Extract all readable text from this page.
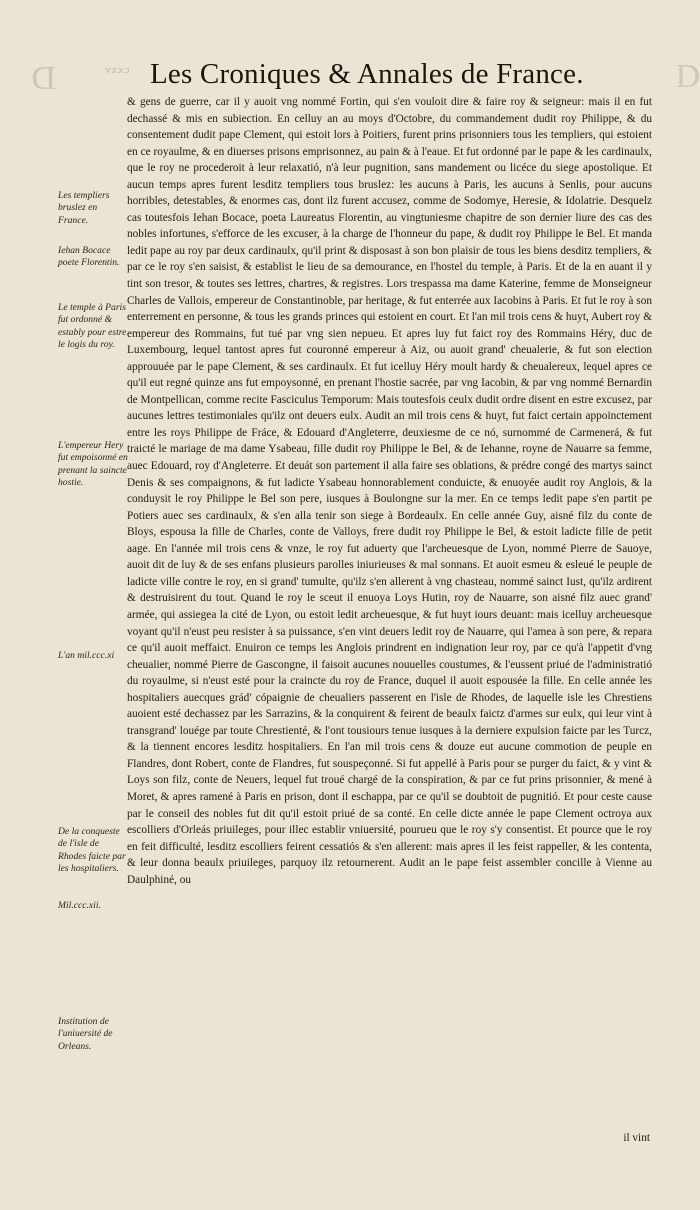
D	cxxv	D
Les Croniques & Annales de France.
Les templiers bruslez en France.
Iehan Bocace poete Florentin.
Le temple à Paris fut ordonné & estably pour estre le logis du roy.
L'empereur Hery fut empoisonné en prenant la saincte hostie.
L'an mil.ccc.xi
De la conqueste de l'isle de Rhodes faicte par les hospitaliers.
Mil.ccc.xii.
Institution de l'uniuersité de Orleans.

& gens de guerre, car il y auoit vng nommé Fortin, qui s'en vouloit dire & faire roy & seigneur: mais il en fut dechassé & mis en subiection. En celluy an au moys d'Octobre, du commandement dudit roy Philippe, & du consentement dudit pape Clement, qui estoit lors à Poitiers, furent prins prisonniers tous les templiers, qui estoient en ce royaulme, & en diuerses prisons emprisonnez, au pain & à l'eaue. Et fut ordonné par le pape & les cardinaulx, que le roy ne procederoit à leur relaxatió, n'à leur pugnition, sans mandement ou licéce du siege apostolique. Et aucun temps apres furent lesditz templiers tous bruslez: les aucuns à Paris, les aucuns à Senlis, pour aucuns horribles, detestables, & enormes cas, dont ilz furent accusez, comme de Sodomye, Heresie, & Idolatrie. Desquelz cas toutesfois Iehan Bocace, poeta Laureatus Florentin, au vingtuniesme chapitre de son dernier liure des cas des nobles infortunes, s'efforce de les excuser, à la charge de l'honneur du pape, & dudit roy Philippe le Bel. Et manda ledit pape au roy par deux cardinaulx, qu'il print & disposast à son bon plaisir de tous les biens desditz templiers, & par ce le roy s'en saisist, & establist le lieu de sa demourance, en l'hostel du temple, à Paris. Et de la en auant il y tint son tresor, & toutes ses lettres, chartres, & registres. Lors trespassa ma dame Katerine, femme de Monseigneur Charles de Vallois, empereur de Constantinoble, par heritage, & fut enterrée aux Iacobins à Paris. Et fut le roy à son enterrement en personne, & tous les grands princes qui estoient en court. Et l'an mil trois cens & huyt, Aubert roy & empereur des Rommains, fut tué par vng sien nepueu. Et apres luy fut faict roy des Rommains Héry, duc de Luxembourg, lequel tantost apres fut couronné empereur à Aiz, ou auoit grand' cheualerie, & fut son election approuuée par le pape Clement, & ses cardinaulx. Et fut icelluy Héry moult hardy & cheualereux, lequel apres ce qu'il eut regné quinze ans fut empoysonné, en prenant l'hostie sacrée, par vng Iacobin, & par vng nommé Bernardin de Montpellican, comme recite Fasciculus Temporum: Mais toutesfois ceulx dudit ordre disent en estre excusez, par aucunes lettres testimoniales qu'ilz ont deuers eulx. Audit an mil trois cens & huyt, fut faict certain appoinctement entre les roys Philippe de Fráce, & Edouard d'Angleterre, deuxiesme de ce nó, surnommé de Carmenerá, & fut traicté le mariage de ma dame Ysabeau, fille dudit roy Philippe le Bel, & de Iehanne, royne de Nauarre sa femme, auec Edouard, roy d'Angleterre. Et deuát son partement il alla faire ses oblations, & prédre congé des martys sainct Denis & ses compaignons, & fut ladicte Ysabeau honnorablement conduicte, & enuoyée audit roy Anglois, & la conduysit le roy Philippe le Bel son pere, iusques à Boulongne sur la mer. En ce temps ledit pape s'en partit pe Potiers auec ses cardinaulx, & s'en alla tenir son siege à Bordeaulx. En celle année Guy, aisné filz du conte de Bloys, espousa la fille de Charles, conte de Valloys, frere dudit roy Philippe le Bel, & estoit ladicte fille de petit aage. En l'année mil trois cens & vnze, le roy fut aduerty que l'archeuesque de Lyon, nommé Pierre de Sauoye, auoit dit de luy & de ses enfans plusieurs parolles iniurieuses & mal sonnans. Et auoit esmeu & esleué le peuple de ladicte ville contre le roy, en si grand' tumulte, qu'ilz s'en allerent à vng chasteau, nommé sainct Iust, qu'ilz ardirent & destruisirent du tout. Quand le roy le sceut il enuoya Loys Hutin, roy de Nauarre, son aisné filz auec grand' armée, qui assiegea la cité de Lyon, ou estoit ledit archeuesque, & fut huyt iours deuant: mais icelluy archeuesque voyant qu'il n'eust peu resister à sa puissance, s'en vint deuers ledit roy de Nauarre, qui l'amea à son pere, & repara ce qu'il auoit meffaict. Enuiron ce temps les Anglois prindrent en indignation leur roy, par ce qu'à l'appetit d'vng cheualier, nommé Pierre de Gascongne, il faisoit aucunes nouuelles coustumes, & l'eussent priué de l'administratió du royaulme, si n'eust esté pour la craincte du roy de France, duquel il auoit espousée la fille. En celle année les hospitaliers auecques grád' cópaignie de cheualiers passerent en l'isle de Rhodes, de laquelle isle les Chrestiens auoient esté dechassez par les Sarrazins, & la conquirent & feirent de beaulx faictz d'armes sur eulx, qui leur vint à transgrand' louége par toute Chrestienté, & l'ont tousiours tenue iusques à la derniere expulsion faicte par les Turcz, & la tiennent encores lesditz hospitaliers. En l'an mil trois cens & douze eut aucune commotion de peuple en Flandres, dont Robert, conte de Flandres, fut souspeçonné. Si fut appellé à Paris pour se purger du faict, & y vint & Loys son filz, conte de Neuers, lequel fut troué chargé de la conspiration, & par ce fut prins prisonnier, & mené à Moret, & apres ramené à Paris en prison, dont il eschappa, par ce qu'il se doubtoit de pugnitió. Et pour ceste cause par le conseil des nobles fut dit qu'il estoit priué de sa conté. En celle dicte année le pape Clement octroya aux escolliers d'Orleás priuileges, pour illec establir vniuersité, pourueu que le roy s'y consentist. Et pource que le roy en feit difficulté, lesditz escolliers feirent cessatiós & s'en allerent: mais apres il les feist rappeller, & les contenta, & leur donna beaulx priuileges, parquoy ilz retournerent. Audit an le pape feist assembler concille à Vienne au Daulphiné, ou

il vint
